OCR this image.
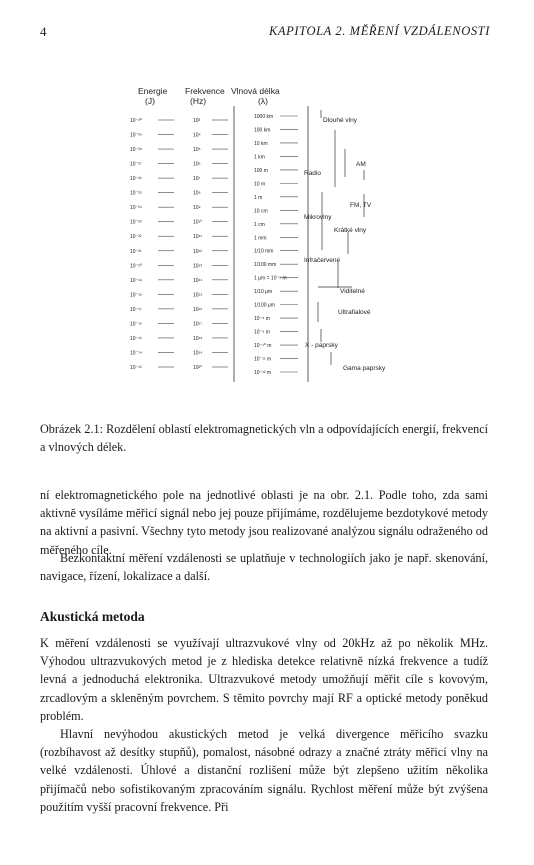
4	KAPITOLA 2. MĚŘENÍ VZDÁLENOSTI
Energie
(J)
Frekvence
(Hz)
Vlnová délka
(λ)
10⁻³⁰
10⁻²⁹
10⁻²⁸
10⁻²⁷
10⁻²⁶
10⁻²⁵
10⁻²⁴
10⁻²³
10⁻²²
10⁻²¹
10⁻²⁰
10⁻¹⁹
10⁻¹⁸
10⁻¹⁷
10⁻¹⁶
10⁻¹⁵
10⁻¹⁴
10⁻¹³
10³
10⁴
10⁵
10⁶
10⁷
10⁸
10⁹
10¹⁰
10¹¹
10¹²
10¹³
10¹⁴
10¹⁵
10¹⁶
10¹⁷
10¹⁸
10¹⁹
10²⁰
1000 km
100 km
10 km
1 km
100 m
10 m
1 m
10 cm
1 cm
1 mm
1/10 mm
1/100 mm
1 μm = 10⁻⁶ m
1/10 μm
1/100 μm
10⁻⁸ m
10⁻⁹ m
10⁻¹⁰ m
10⁻¹¹ m
10⁻¹² m
Dlouhé vlny
Radio
AM
FM, TV
Mikrovlny
Krátké vlny
Infračervené
Viditelné
Ultrafialové
X - paprsky
Gama paprsky
Obrázek 2.1: Rozdělení oblastí elektromagnetických vln a odpovídajících energií, frekvencí a vlnových délek.
ní elektromagnetického pole na jednotlivé oblasti je na obr. 2.1. Podle toho, zda sami aktivně vysíláme měřicí signál nebo jej pouze přijímáme, rozdělujeme bezdotykové metody na aktivní a pasivní. Všechny tyto metody jsou realizované analýzou signálu odraženého od měřeného cíle.
Bezkontaktní měření vzdálenosti se uplatňuje v technologiích jako je např. skenování, navigace, řízení, lokalizace a další.
Akustická metoda
K měření vzdálenosti se využívají ultrazvukové vlny od 20kHz až po několik MHz. Výhodou ultrazvukových metod je z hlediska detekce relativně nízká frekvence a tudíž levná a jednoduchá elektronika. Ultrazvukové metody umožňují měřit cíle s kovovým, zrcadlovým a skleněným povrchem. S těmito povrchy mají RF a optické metody poněkud problém.
Hlavní nevýhodou akustických metod je velká divergence měřicího svazku (rozbíhavost až desítky stupňů), pomalost, násobné odrazy a značné ztráty měřicí vlny na velké vzdálenosti. Úhlové a distanční rozlišení může být zlepšeno užitím několika přijímačů nebo sofistikovaným zpracováním signálu. Rychlost měření může být zvýšena použitím vyšší pracovní frekvence. Při
